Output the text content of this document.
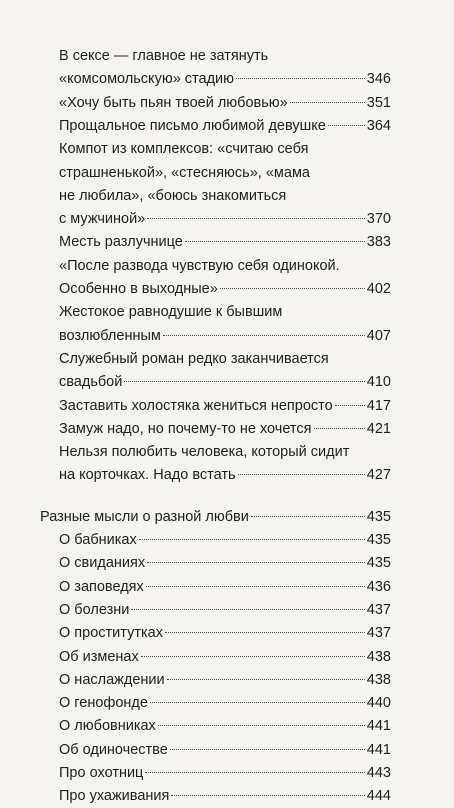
В сексе — главное не затянуть
«комсомольскую» стадию	346
«Хочу быть пьян твоей любовью»	351
Прощальное письмо любимой девушке	364
Компот из комплексов: «считаю себя
страшненькой», «стесняюсь», «мама
не любила», «боюсь знакомиться
с мужчиной»	370
Месть разлучнице	383
«После развода чувствую себя одинокой.
Особенно в выходные»	402
Жестокое равнодушие к бывшим
возлюбленным	407
Служебный роман редко заканчивается
свадьбой	410
Заставить холостяка жениться непросто 417
Замуж надо, но почему-то не хочется	421
Нельзя полюбить человека, который сидит
на корточках. Надо встать	427
Разные мысли о разной любви	435
О бабниках	435
О свиданиях	435
О заповедях	436
О болезни	437
О проститутках	437
Об изменах	438
О наслаждении	438
О генофонде	440
О любовниках	441
Об одиночестве	441
Про охотниц	443
Про ухаживания	444
